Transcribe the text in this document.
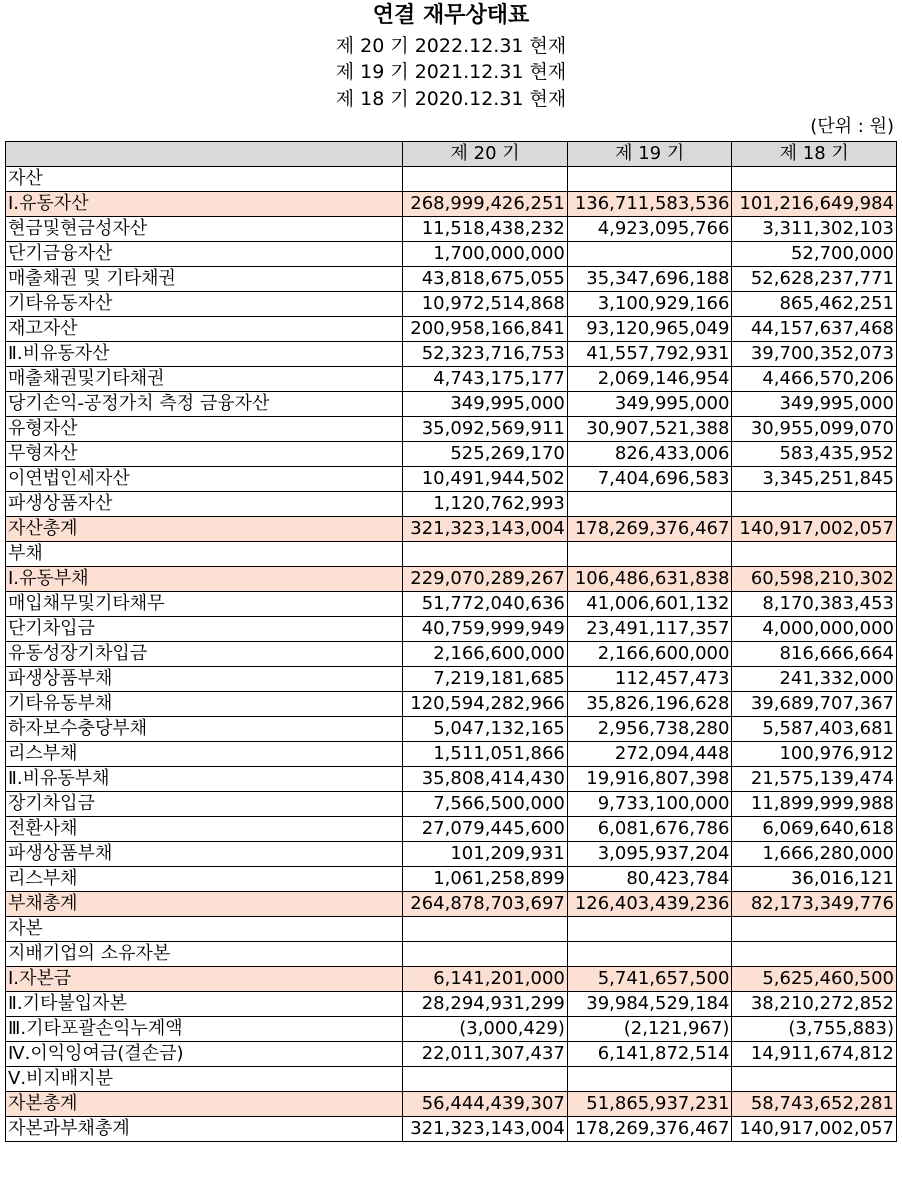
연결 재무상태표
제 20 기 2022.12.31 현재
제 19 기 2021.12.31 현재
제 18 기 2020.12.31 현재
(단위 : 원)
	제 20 기	제 19 기	제 18 기
자산			
Ⅰ.유동자산	268,999,426,251	136,711,583,536	101,216,649,984
현금및현금성자산	11,518,438,232	4,923,095,766	3,311,302,103
단기금융자산	1,700,000,000		52,700,000
매출채권 및 기타채권	43,818,675,055	35,347,696,188	52,628,237,771
기타유동자산	10,972,514,868	3,100,929,166	865,462,251
재고자산	200,958,166,841	93,120,965,049	44,157,637,468
Ⅱ.비유동자산	52,323,716,753	41,557,792,931	39,700,352,073
매출채권및기타채권	4,743,175,177	2,069,146,954	4,466,570,206
당기손익-공정가치 측정 금융자산	349,995,000	349,995,000	349,995,000
유형자산	35,092,569,911	30,907,521,388	30,955,099,070
무형자산	525,269,170	826,433,006	583,435,952
이연법인세자산	10,491,944,502	7,404,696,583	3,345,251,845
파생상품자산	1,120,762,993		
자산총계	321,323,143,004	178,269,376,467	140,917,002,057
부채			
Ⅰ.유동부채	229,070,289,267	106,486,631,838	60,598,210,302
매입채무및기타채무	51,772,040,636	41,006,601,132	8,170,383,453
단기차입금	40,759,999,949	23,491,117,357	4,000,000,000
유동성장기차입금	2,166,600,000	2,166,600,000	816,666,664
파생상품부채	7,219,181,685	112,457,473	241,332,000
기타유동부채	120,594,282,966	35,826,196,628	39,689,707,367
하자보수충당부채	5,047,132,165	2,956,738,280	5,587,403,681
리스부채	1,511,051,866	272,094,448	100,976,912
Ⅱ.비유동부채	35,808,414,430	19,916,807,398	21,575,139,474
장기차입금	7,566,500,000	9,733,100,000	11,899,999,988
전환사채	27,079,445,600	6,081,676,786	6,069,640,618
파생상품부채	101,209,931	3,095,937,204	1,666,280,000
리스부채	1,061,258,899	80,423,784	36,016,121
부채총계	264,878,703,697	126,403,439,236	82,173,349,776
자본			
지배기업의 소유자본			
Ⅰ.자본금	6,141,201,000	5,741,657,500	5,625,460,500
Ⅱ.기타불입자본	28,294,931,299	39,984,529,184	38,210,272,852
Ⅲ.기타포괄손익누계액	(3,000,429)	(2,121,967)	(3,755,883)
Ⅳ.이익잉여금(결손금)	22,011,307,437	6,141,872,514	14,911,674,812
Ⅴ.비지배지분			
자본총계	56,444,439,307	51,865,937,231	58,743,652,281
자본과부채총계	321,323,143,004	178,269,376,467	140,917,002,057
